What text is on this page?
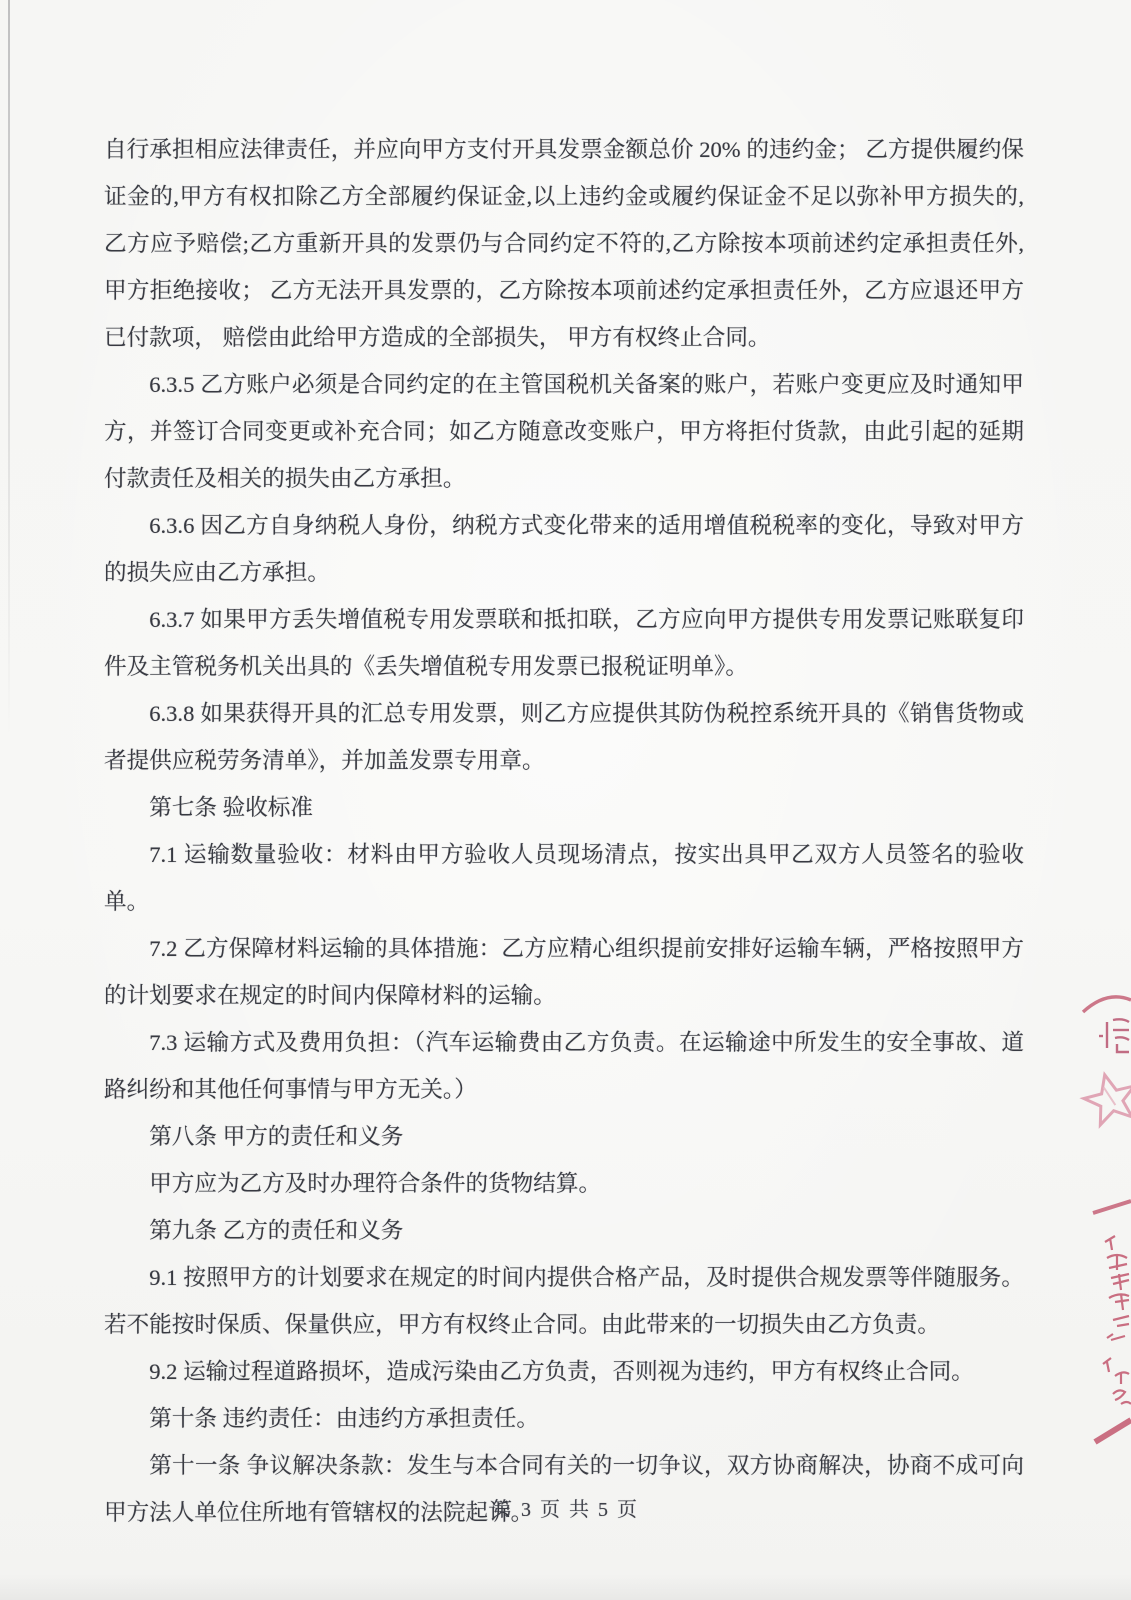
自行承担相应法律责任，并应向甲方支付开具发票金额总价 20% 的违约金； 乙方提供履约保证金的,甲方有权扣除乙方全部履约保证金,以上违约金或履约保证金不足以弥补甲方损失的,乙方应予赔偿;乙方重新开具的发票仍与合同约定不符的,乙方除按本项前述约定承担责任外,甲方拒绝接收； 乙方无法开具发票的，乙方除按本项前述约定承担责任外，乙方应退还甲方已付款项， 赔偿由此给甲方造成的全部损失， 甲方有权终止合同。

6.3.5 乙方账户必须是合同约定的在主管国税机关备案的账户，若账户变更应及时通知甲方，并签订合同变更或补充合同；如乙方随意改变账户，甲方将拒付货款，由此引起的延期付款责任及相关的损失由乙方承担。

6.3.6 因乙方自身纳税人身份，纳税方式变化带来的适用增值税税率的变化，导致对甲方的损失应由乙方承担。

6.3.7 如果甲方丢失增值税专用发票联和抵扣联，乙方应向甲方提供专用发票记账联复印件及主管税务机关出具的《丢失增值税专用发票已报税证明单》。

6.3.8 如果获得开具的汇总专用发票，则乙方应提供其防伪税控系统开具的《销售货物或者提供应税劳务清单》，并加盖发票专用章。

第七条 验收标准

7.1 运输数量验收：材料由甲方验收人员现场清点，按实出具甲乙双方人员签名的验收单。

7.2 乙方保障材料运输的具体措施：乙方应精心组织提前安排好运输车辆，严格按照甲方的计划要求在规定的时间内保障材料的运输。

7.3 运输方式及费用负担：（汽车运输费由乙方负责。在运输途中所发生的安全事故、道路纠纷和其他任何事情与甲方无关。）

第八条 甲方的责任和义务

甲方应为乙方及时办理符合条件的货物结算。

第九条 乙方的责任和义务

9.1 按照甲方的计划要求在规定的时间内提供合格产品，及时提供合规发票等伴随服务。若不能按时保质、保量供应，甲方有权终止合同。由此带来的一切损失由乙方负责。

9.2 运输过程道路损坏，造成污染由乙方负责，否则视为违约，甲方有权终止合同。

第十条 违约责任：由违约方承担责任。

第十一条 争议解决条款：发生与本合同有关的一切争议，双方协商解决，协商不成可向甲方法人单位住所地有管辖权的法院起诉。

第 3 页 共 5 页
